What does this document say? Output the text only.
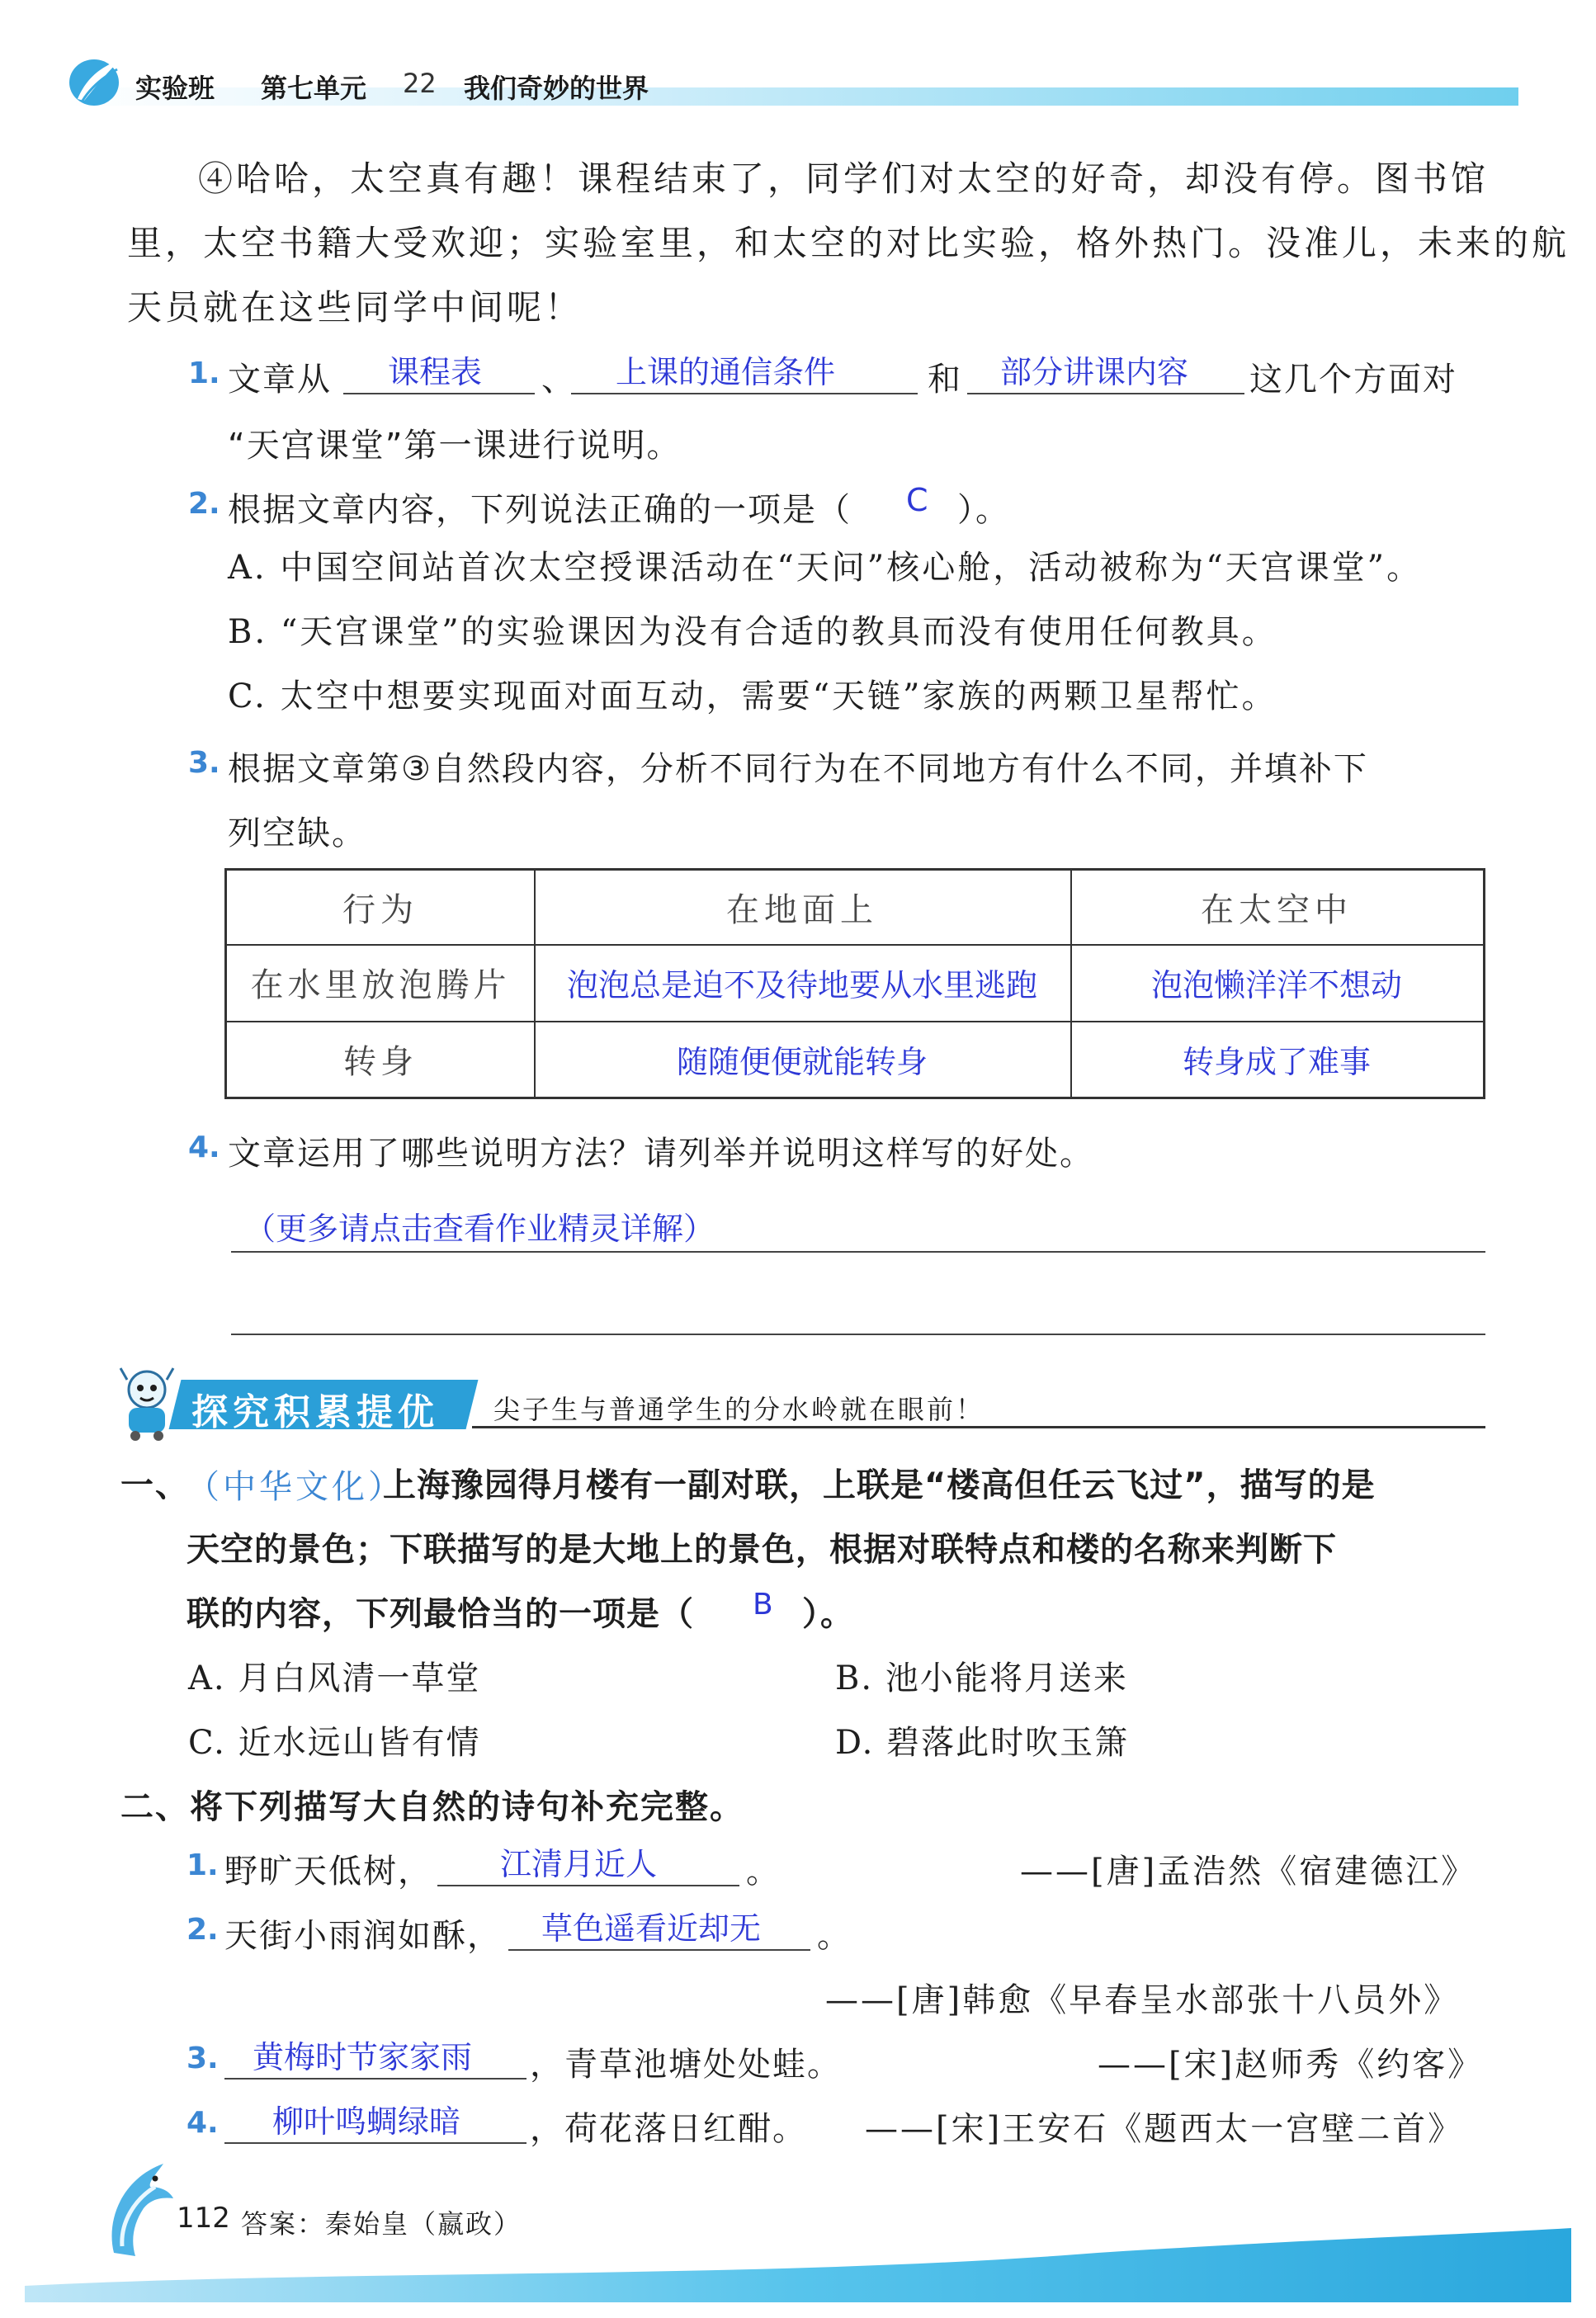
实验班 第七单元 22 我们奇妙的世界
④哈哈，太空真有趣！课程结束了，同学们对太空的好奇，却没有停。图书馆
里，太空书籍大受欢迎；实验室里，和太空的对比实验，格外热门。没准儿，未来的航
天员就在这些同学中间呢！
1. 文章从 课程表 、 上课的通信条件	和 部分讲课内容 这几个方面对
“天宫课堂”第一课进行说明。
2. 根据文章内容，下列说法正确的一项是（ C ）。
A. 中国空间站首次太空授课活动在“天问”核心舱，活动被称为“天宫课堂”。
B. “天宫课堂”的实验课因为没有合适的教具而没有使用任何教具。
C. 太空中想要实现面对面互动，需要“天链”家族的两颗卫星帮忙。
3. 根据文章第③自然段内容，分析不同行为在不同地方有什么不同，并填补下
列空缺。
行为	在地面上	在太空中
在水里放泡腾片	泡泡总是迫不及待地要从水里逃跑	泡泡懒洋洋不想动
转身	随随便便就能转身	转身成了难事
4. 文章运用了哪些说明方法？请列举并说明这样写的好处。
（更多请点击查看作业精灵详解）
探究积累提优 尖子生与普通学生的分水岭就在眼前！
一、
（中华文化）
上海豫园得月楼有一副对联，上联是“楼高但任云飞过”，描写的是
天空的景色；下联描写的是大地上的景色，根据对联特点和楼的名称来判断下
联的内容，下列最恰当的一项是（ B ）。
A. 月白风清一草堂	B. 池小能将月送来
C. 近水远山皆有情	D. 碧落此时吹玉箫
二、将下列描写大自然的诗句补充完整。
1. 野旷天低树， 江清月近人	。	——[唐]孟浩然《宿建德江》
2. 天街小雨润如酥， 草色遥看近却无 。
——[唐]韩愈《早春呈水部张十八员外》
3. 黄梅时节家家雨 ，青草池塘处处蛙。	——[宋]赵师秀《约客》
4. 柳叶鸣蜩绿暗 ，荷花落日红酣。 ——[宋]王安石《题西太一宫壁二首》
112 答案：秦始皇（嬴政）
